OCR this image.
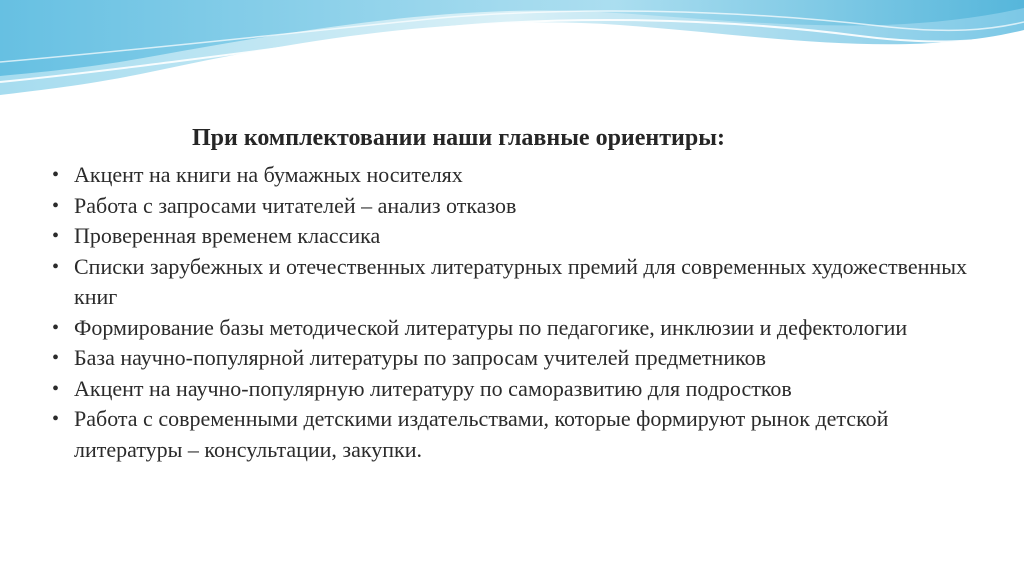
При комплектовании наши главные ориентиры:
• Акцент на книги на бумажных носителях
• Работа с запросами читателей – анализ отказов
• Проверенная временем классика
• Списки зарубежных и отечественных литературных премий для современных художественных книг
• Формирование базы методической литературы по педагогике, инклюзии и дефектологии
• База научно-популярной литературы по запросам учителей предметников
• Акцент на научно-популярную литературу по саморазвитию для подростков
• Работа с современными детскими издательствами, которые формируют рынок детской литературы – консультации, закупки.
